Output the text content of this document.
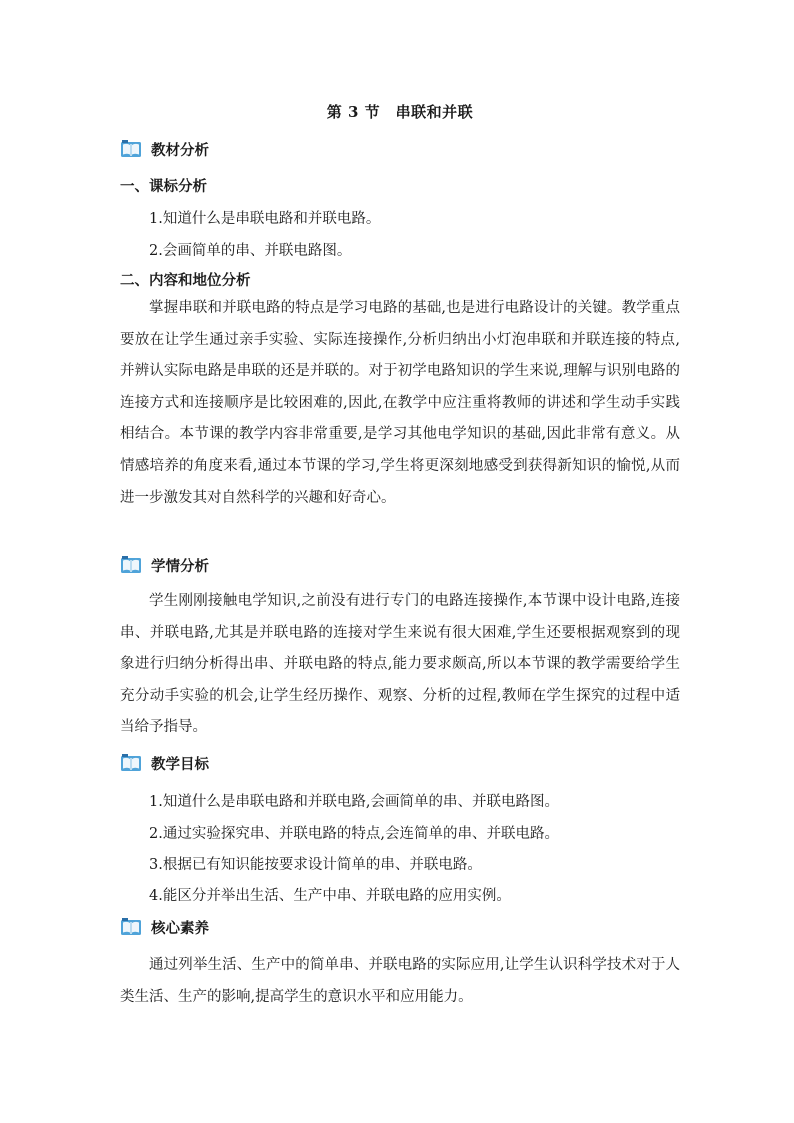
第 3 节　串联和并联
教材分析
一、课标分析
1.知道什么是串联电路和并联电路。
2.会画简单的串、并联电路图。
二、内容和地位分析
掌握串联和并联电路的特点是学习电路的基础,也是进行电路设计的关键。教学重点要放在让学生通过亲手实验、实际连接操作,分析归纳出小灯泡串联和并联连接的特点,并辨认实际电路是串联的还是并联的。对于初学电路知识的学生来说,理解与识别电路的连接方式和连接顺序是比较困难的,因此,在教学中应注重将教师的讲述和学生动手实践相结合。本节课的教学内容非常重要,是学习其他电学知识的基础,因此非常有意义。从情感培养的角度来看,通过本节课的学习,学生将更深刻地感受到获得新知识的愉悦,从而进一步激发其对自然科学的兴趣和好奇心。
学情分析
学生刚刚接触电学知识,之前没有进行专门的电路连接操作,本节课中设计电路,连接串、并联电路,尤其是并联电路的连接对学生来说有很大困难,学生还要根据观察到的现象进行归纳分析得出串、并联电路的特点,能力要求颇高,所以本节课的教学需要给学生充分动手实验的机会,让学生经历操作、观察、分析的过程,教师在学生探究的过程中适当给予指导。
教学目标
1.知道什么是串联电路和并联电路,会画简单的串、并联电路图。
2.通过实验探究串、并联电路的特点,会连简单的串、并联电路。
3.根据已有知识能按要求设计简单的串、并联电路。
4.能区分并举出生活、生产中串、并联电路的应用实例。
核心素养
通过列举生活、生产中的简单串、并联电路的实际应用,让学生认识科学技术对于人类生活、生产的影响,提高学生的意识水平和应用能力。
